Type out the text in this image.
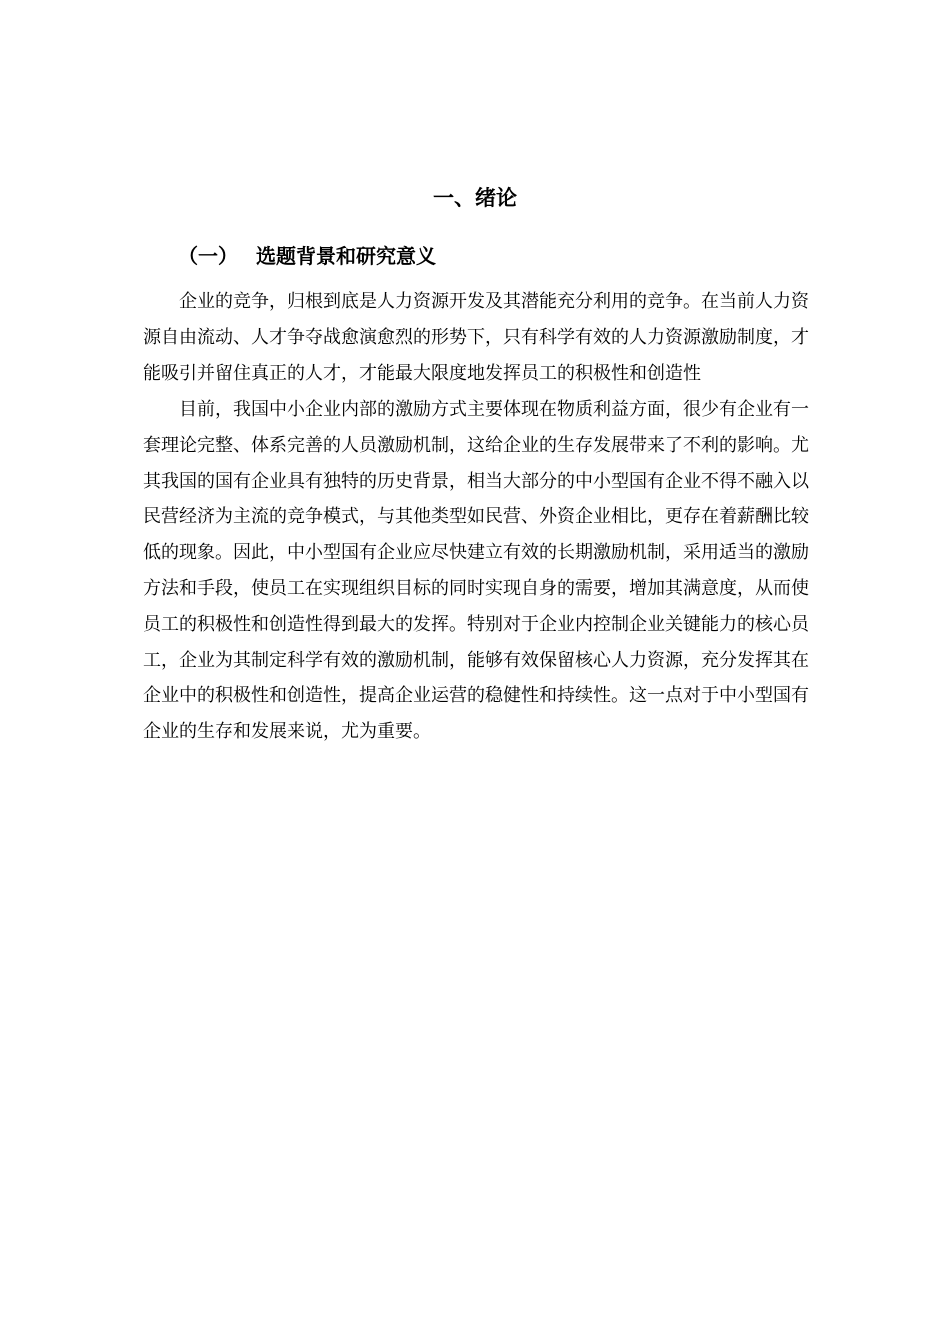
一、绪论
（一） 选题背景和研究意义

企业的竞争，归根到底是人力资源开发及其潜能充分利用的竞争。在当前人力资源自由流动、人才争夺战愈演愈烈的形势下，只有科学有效的人力资源激励制度，才能吸引并留住真正的人才，才能最大限度地发挥员工的积极性和创造性

目前，我国中小企业内部的激励方式主要体现在物质利益方面，很少有企业有一套理论完整、体系完善的人员激励机制，这给企业的生存发展带来了不利的影响。尤其我国的国有企业具有独特的历史背景，相当大部分的中小型国有企业不得不融入以民营经济为主流的竞争模式，与其他类型如民营、外资企业相比，更存在着薪酬比较低的现象。因此，中小型国有企业应尽快建立有效的长期激励机制，采用适当的激励方法和手段，使员工在实现组织目标的同时实现自身的需要，增加其满意度，从而使员工的积极性和创造性得到最大的发挥。特别对于企业内控制企业关键能力的核心员工，企业为其制定科学有效的激励机制，能够有效保留核心人力资源，充分发挥其在企业中的积极性和创造性，提高企业运营的稳健性和持续性。这一点对于中小型国有企业的生存和发展来说，尤为重要。
